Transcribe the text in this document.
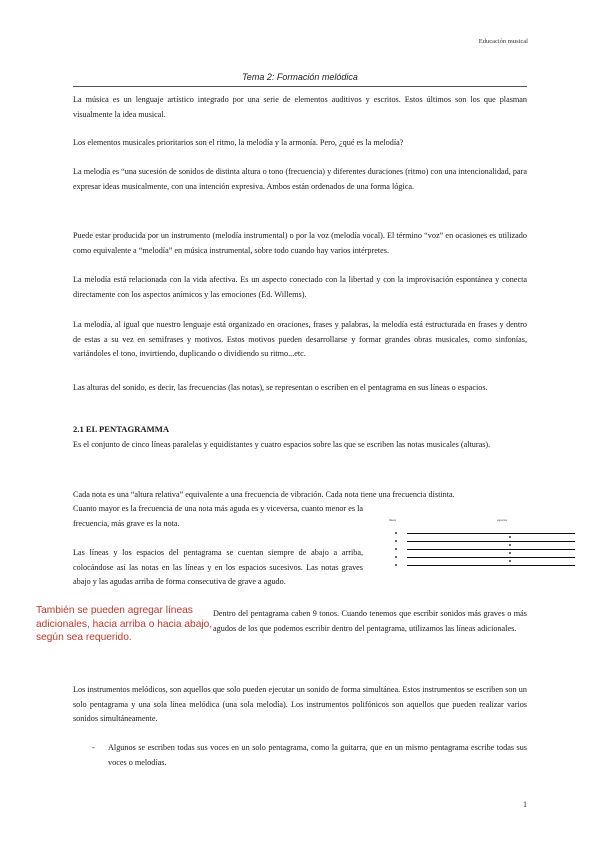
Educación musical
Tema 2: Formación melódica

La música es un lenguaje artístico integrado por una serie de elementos auditivos y escritos. Estos últimos son los que plasman visualmente la idea musical.

Los elementos musicales prioritarios son el ritmo, la melodía y la armonía. Pero, ¿qué es la melodía?

La melodía es “una sucesión de sonidos de distinta altura o tono (frecuencia) y diferentes duraciones (ritmo) con una intencionalidad, para expresar ideas musicalmente, con una intención expresiva. Ambos están ordenados de una forma lógica.

Puede estar producida por un instrumento (melodía instrumental) o por la voz (melodía vocal). El término “voz” en ocasiones es utilizado como equivalente a “melodía” en música instrumental, sobre todo cuando hay varios intérpretes.

La melodía está relacionada con la vida afectiva. Es un aspecto conectado con la libertad y con la improvisación espontánea y conecta directamente con los aspectos anímicos y las emociones (Ed. Willems).

La melodía, al igual que nuestro lenguaje está organizado en oraciones, frases y palabras, la melodía está estructurada en frases y dentro de estas a su vez en semifrases y motivos. Estos motivos pueden desarrollarse y formar grandes obras musicales, como sinfonías, variándoles el tono, invirtiendo, duplicando o dividiendo su ritmo...etc.

Las alturas del sonido, es decir, las frecuencias (las notas), se representan o escriben en el pentagrama en sus líneas o espacios.

2.1 EL PENTAGRAMMA

Es el conjunto de cinco líneas paralelas y equidistantes y cuatro espacios sobre las que se escriben las notas musicales (alturas).

Cada nota es una “altura relativa” equivalente a una frecuencia de vibración. Cada nota tiene una frecuencia distinta.

Cuanto mayor es la frecuencia de una nota más aguda es y viceversa, cuanto menor es la frecuencia, más grave es la nota.	líneas	espacios

Las líneas y los espacios del pentagrama se cuentan siempre de abajo a arriba, colocándose así las notas en las líneas y en los espacios sucesivos. Las notas graves abajo y las agudas arriba de forma consecutiva de grave a agudo.

También se pueden agregar líneas adicionales, hacia arriba o hacia abajo, según sea requerido.

Dentro del pentagrama caben 9 tonos. Cuando tenemos que escribir sonidos más graves o más agudos de los que podemos escribir dentro del pentagrama, utilizamos las líneas adicionales.

Los instrumentos melódicos, son aquellos que solo pueden ejecutar un sonido de forma simultánea. Estos instrumentos se escriben son un solo pentagrama y una sola línea melódica (una sola melodía). Los instrumentos polifónicos son aquellos que pueden realizar varios sonidos simultáneamente.

- Algunos se escriben todas sus voces en un solo pentagrama, como la guitarra, que en un mismo pentagrama escribe todas sus voces o melodías.

1
